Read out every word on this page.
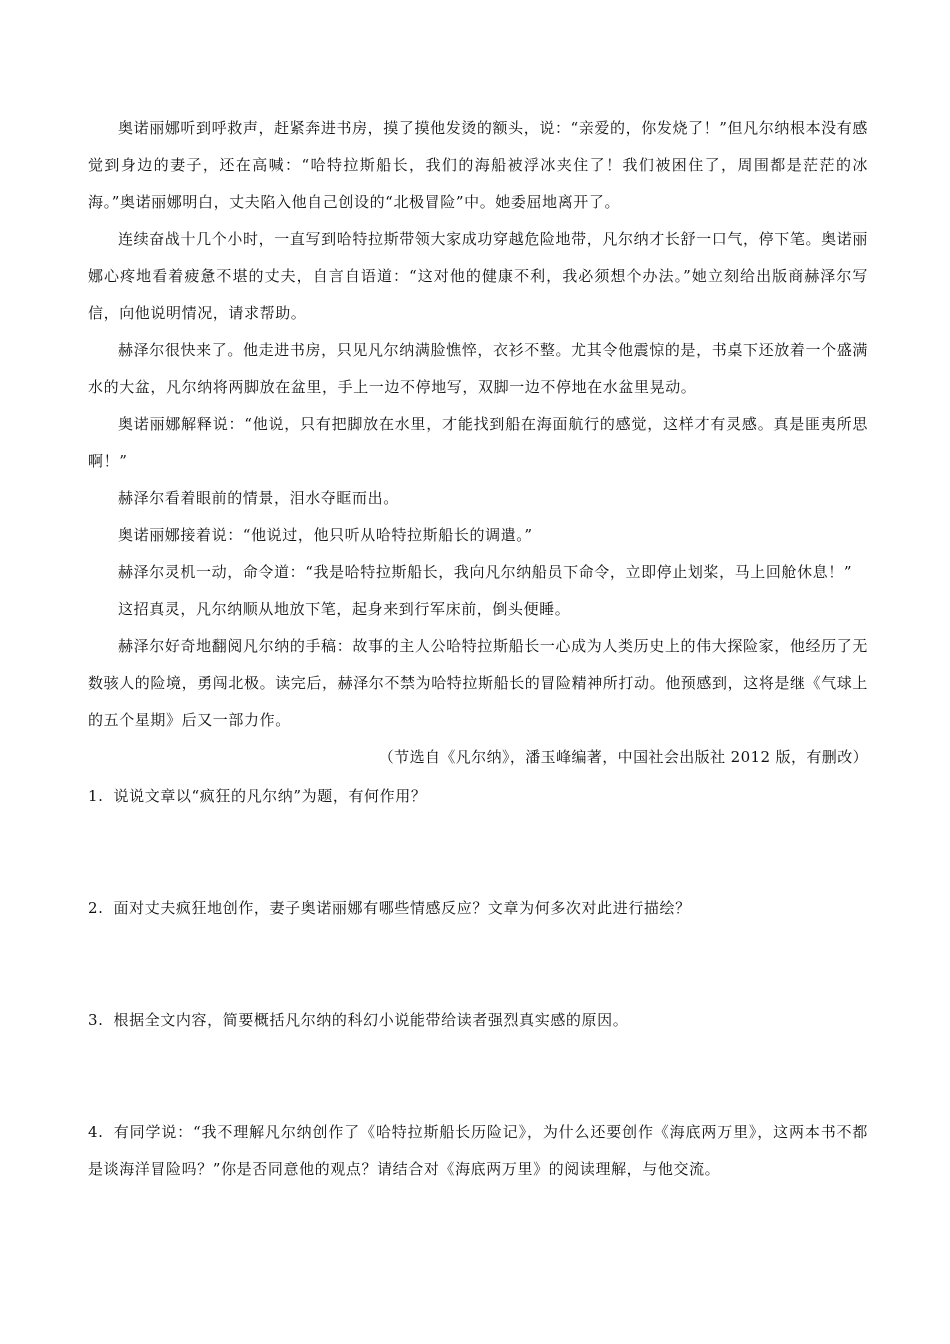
奥诺丽娜听到呼救声，赶紧奔进书房，摸了摸他发烫的额头，说：“亲爱的，你发烧了！”但凡尔纳根本没有感觉到身边的妻子，还在高喊：“哈特拉斯船长，我们的海船被浮冰夹住了！我们被困住了，周围都是茫茫的冰海。”奥诺丽娜明白，丈夫陷入他自己创设的“北极冒险”中。她委屈地离开了。

连续奋战十几个小时，一直写到哈特拉斯带领大家成功穿越危险地带，凡尔纳才长舒一口气，停下笔。奥诺丽娜心疼地看着疲惫不堪的丈夫，自言自语道：“这对他的健康不利，我必须想个办法。”她立刻给出版商赫泽尔写信，向他说明情况，请求帮助。

赫泽尔很快来了。他走进书房，只见凡尔纳满脸憔悴，衣衫不整。尤其令他震惊的是，书桌下还放着一个盛满水的大盆，凡尔纳将两脚放在盆里，手上一边不停地写，双脚一边不停地在水盆里晃动。

奥诺丽娜解释说：“他说，只有把脚放在水里，才能找到船在海面航行的感觉，这样才有灵感。真是匪夷所思啊！”

赫泽尔看着眼前的情景，泪水夺眶而出。

奥诺丽娜接着说：“他说过，他只听从哈特拉斯船长的调遣。”

赫泽尔灵机一动，命令道：“我是哈特拉斯船长，我向凡尔纳船员下命令，立即停止划桨，马上回舱休息！”

这招真灵，凡尔纳顺从地放下笔，起身来到行军床前，倒头便睡。

赫泽尔好奇地翻阅凡尔纳的手稿：故事的主人公哈特拉斯船长一心成为人类历史上的伟大探险家，他经历了无数骇人的险境，勇闯北极。读完后，赫泽尔不禁为哈特拉斯船长的冒险精神所打动。他预感到，这将是继《气球上的五个星期》后又一部力作。

（节选自《凡尔纳》，潘玉峰编著，中国社会出版社 2012 版，有删改）

1. 说说文章以“疯狂的凡尔纳”为题，有何作用？

2. 面对丈夫疯狂地创作，妻子奥诺丽娜有哪些情感反应？文章为何多次对此进行描绘？

3. 根据全文内容，简要概括凡尔纳的科幻小说能带给读者强烈真实感的原因。

4. 有同学说：“我不理解凡尔纳创作了《哈特拉斯船长历险记》，为什么还要创作《海底两万里》，这两本书不都是谈海洋冒险吗？”你是否同意他的观点？请结合对《海底两万里》的阅读理解，与他交流。
